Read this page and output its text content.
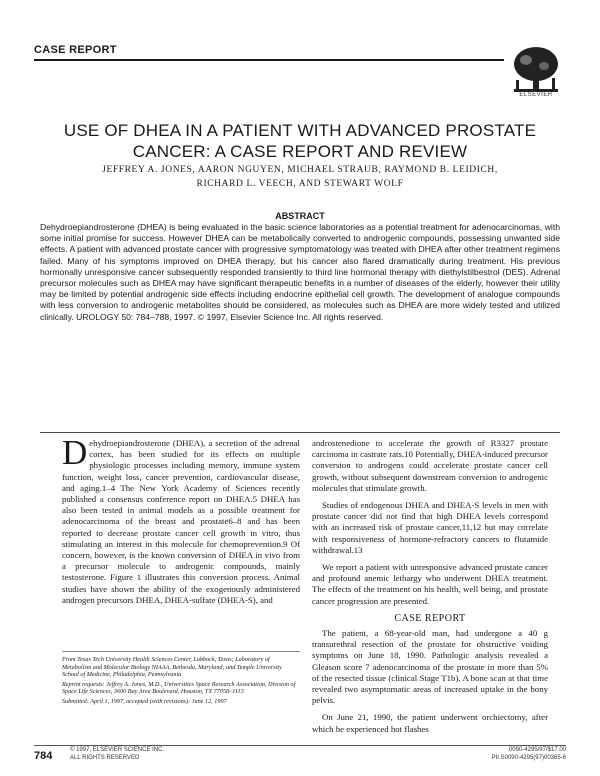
CASE REPORT
ELSEVIER
USE OF DHEA IN A PATIENT WITH ADVANCED PROSTATE CANCER: A CASE REPORT AND REVIEW
JEFFREY A. JONES, AARON NGUYEN, MICHAEL STRAUB, RAYMOND B. LEIDICH,
RICHARD L. VEECH, AND STEWART WOLF
ABSTRACT
Dehydroepiandrosterone (DHEA) is being evaluated in the basic science laboratories as a potential treatment for adenocarcinomas, with some initial promise for success. However DHEA can be metabolically converted to androgenic compounds, possessing unwanted side effects. A patient with advanced prostate cancer with progressive symptomatology was treated with DHEA after other treatment regimens failed. Many of his symptoms improved on DHEA therapy, but his cancer also flared dramatically during treatment. His previous hormonally unresponsive cancer subsequently responded transiently to third line hormonal therapy with diethylstilbestrol (DES). Adrenal precursor molecules such as DHEA may have significant therapeutic benefits in a number of diseases of the elderly, however their utility may be limited by potential androgenic side effects including endocrine epithelial cell growth. The development of analogue compounds with less conversion to androgenic metabolites should be considered, as molecules such as DHEA are more widely tested and utilized clinically. UROLOGY 50: 784–788, 1997. © 1997, Elsevier Science Inc. All rights reserved.
D ehydroepiandrosterone (DHEA), a secretion of the adrenal cortex, has been studied for its effects on multiple physiologic processes including memory, immune system function, weight loss, cancer prevention, cardiovascular disease, and aging.1–4 The New York Academy of Sciences recently published a consensus conference report on DHEA.5 DHEA has also been tested in animal models as a possible treatment for adenocarcinoma of the breast and prostate6–8 and has been reported to decrease prostate cancer cell growth in vitro, thus stimulating an interest in this molecule for chemoprevention.9 Of concern, however, is the known conversion of DHEA in vivo from a precursor molecule to androgenic compounds, mainly testosterone. Figure 1 illustrates this conversion process. Animal studies have shown the ability of the exogenously administered androgen precursors DHEA, DHEA-sulfate (DHEA-S), and

androstenedione to accelerate the growth of R3327 prostate carcinoma in castrate rats.10 Potentially, DHEA-induced precursor conversion to androgens could accelerate prostate cancer cell growth, without subsequent downstream conversion to androgenic molecules that stimulate growth.

Studies of endogenous DHEA and DHEA-S levels in men with prostate cancer did not find that high DHEA levels correspond with an increased risk of prostate cancer,11,12 but may correlate with responsiveness of hormone-refractory cancers to flutamide withdrawal.13

We report a patient with unresponsive advanced prostate cancer and profound anemic lethargy who underwent DHEA treatment. The effects of the treatment on his health, well being, and prostate cancer progression are presented.

CASE REPORT

The patient, a 68-year-old man, had undergone a 40 g transurethral resection of the prostate for obstructive voiding symptoms on June 18, 1990. Pathologic analysis revealed a Gleason score 7 adenocarcinoma of the prostate in more than 5% of the resected tissue (clinical Stage T1b). A bone scan at that time revealed two asymptomatic areas of increased uptake in the bony pelvis.

On June 21, 1990, the patient underwent orchiectomy, after which he experienced hot flashes

From Texas Tech University Health Sciences Center, Lubbock, Texas; Laboratory of Metabolism and Molecular Biology NIAAA, Bethesda, Maryland; and Temple University School of Medicine, Philadelphia, Pennsylvania

Reprint requests: Jeffrey A. Jones, M.D., Universities Space Research Association, Division of Space Life Sciences, 3600 Bay Area Boulevard, Houston, TX 77058–1113

Submitted: April 1, 1997, accepted (with revisions): June 12, 1997

784	© 1997, ELSEVIER SCIENCE INC.
ALL RIGHTS RESERVED
0090-4295/97/$17.00
PII S0090-4295(97)00365-6
